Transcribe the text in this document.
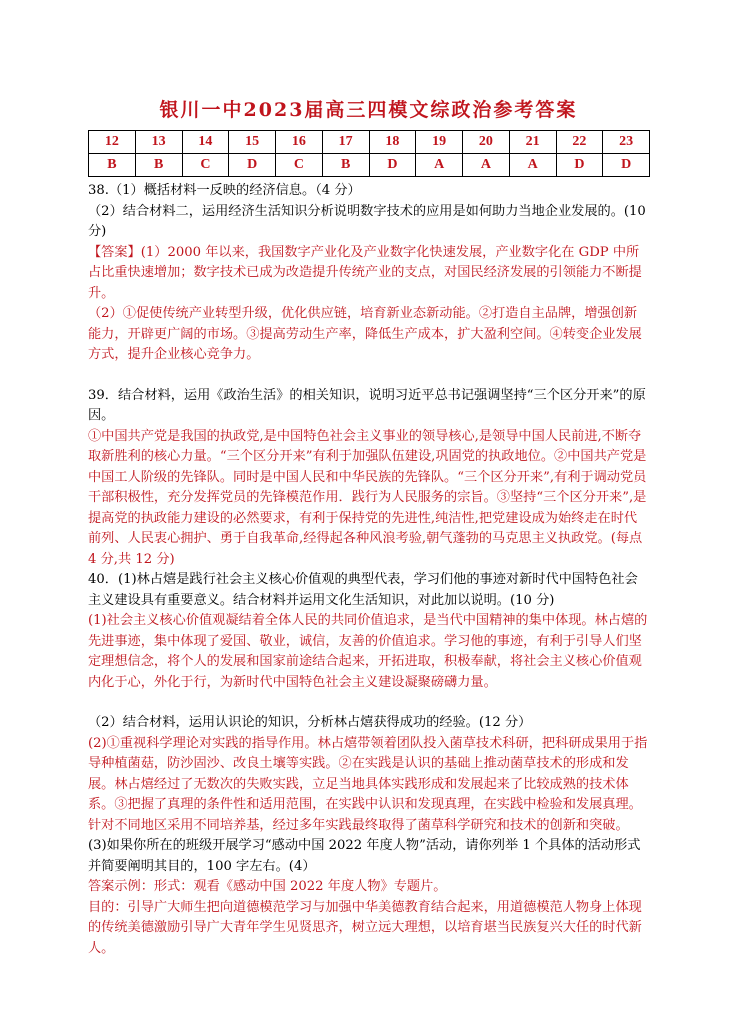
银川一中2023届高三四模文综政治参考答案
12	13	14	15	16	17	18	19	20	21	22	23
B	B	C	D	C	B	D	A	A	A	D	D

38.（1）概括材料一反映的经济信息。（4 分）

（2）结合材料二，运用经济生活知识分析说明数字技术的应用是如何助力当地企业发展的。(10 分)

【答案】(1）2000 年以来，我国数字产业化及产业数字化快速发展，产业数字化在 GDP 中所占比重快速增加；数字技术已成为改造提升传统产业的支点，对国民经济发展的引领能力不断提升。

（2）①促使传统产业转型升级，优化供应链，培育新业态新动能。②打造自主品牌，增强创新能力，开辟更广阔的市场。③提高劳动生产率，降低生产成本，扩大盈利空间。④转变企业发展方式，提升企业核心竞争力。

39．结合材料，运用《政治生活》的相关知识，说明习近平总书记强调坚持“三个区分开来”的原因。

①中国共产党是我国的执政党,是中国特色社会主义事业的领导核心,是领导中国人民前进,不断夺取新胜利的核心力量。“三个区分开来”有利于加强队伍建设,巩固党的执政地位。②中国共产党是中国工人阶级的先锋队。同时是中国人民和中华民族的先锋队。“三个区分开来”,有利于调动党员干部积极性，充分发挥党员的先锋模范作用．践行为人民服务的宗旨。③坚持“三个区分开来”,是提高党的执政能力建设的必然要求，有利于保持党的先进性,纯洁性,把党建设成为始终走在时代前列、人民衷心拥护、勇于自我革命,经得起各种风浪考验,朝气蓬勃的马克思主义执政党。(每点 4 分,共 12 分)

40．(1)林占熺是践行社会主义核心价值观的典型代表，学习们他的事迹对新时代中国特色社会主义建设具有重要意义。结合材料并运用文化生活知识，对此加以说明。(10 分)

(1)社会主义核心价值观凝结着全体人民的共同价值追求，是当代中国精神的集中体现。林占熺的先进事迹，集中体现了爱国、敬业，诚信，友善的价值追求。学习他的事迹，有利于引导人们坚定理想信念，将个人的发展和国家前途结合起来，开拓进取，积极奉献，将社会主义核心价值观内化于心，外化于行，为新时代中国特色社会主义建设凝聚磅礴力量。

（2）结合材料，运用认识论的知识，分析林占熺获得成功的经验。(12 分）

(2)①重视科学理论对实践的指导作用。林占熺带领着团队投入菌草技术科研，把科研成果用于指导种植菌菇，防沙固沙、改良土壤等实践。②在实践是认识的基础上推动菌草技术的形成和发展。林占熺经过了无数次的失败实践，立足当地具体实践形成和发展起来了比较成熟的技术体系。③把握了真理的条件性和适用范围，在实践中认识和发现真理，在实践中检验和发展真理。针对不同地区采用不同培养基，经过多年实践最终取得了菌草科学研究和技术的创新和突破。

(3)如果你所在的班级开展学习“感动中国 2022 年度人物”活动，请你列举 1 个具体的活动形式并简要阐明其目的，100 字左右。(4）

答案示例：形式：观看《感动中国 2022 年度人物》专题片。

目的：引导广大师生把向道德模范学习与加强中华美德教育结合起来，用道德模范人物身上体现的传统美德激励引导广大青年学生见贤思齐，树立远大理想，以培育堪当民族复兴大任的时代新人。
